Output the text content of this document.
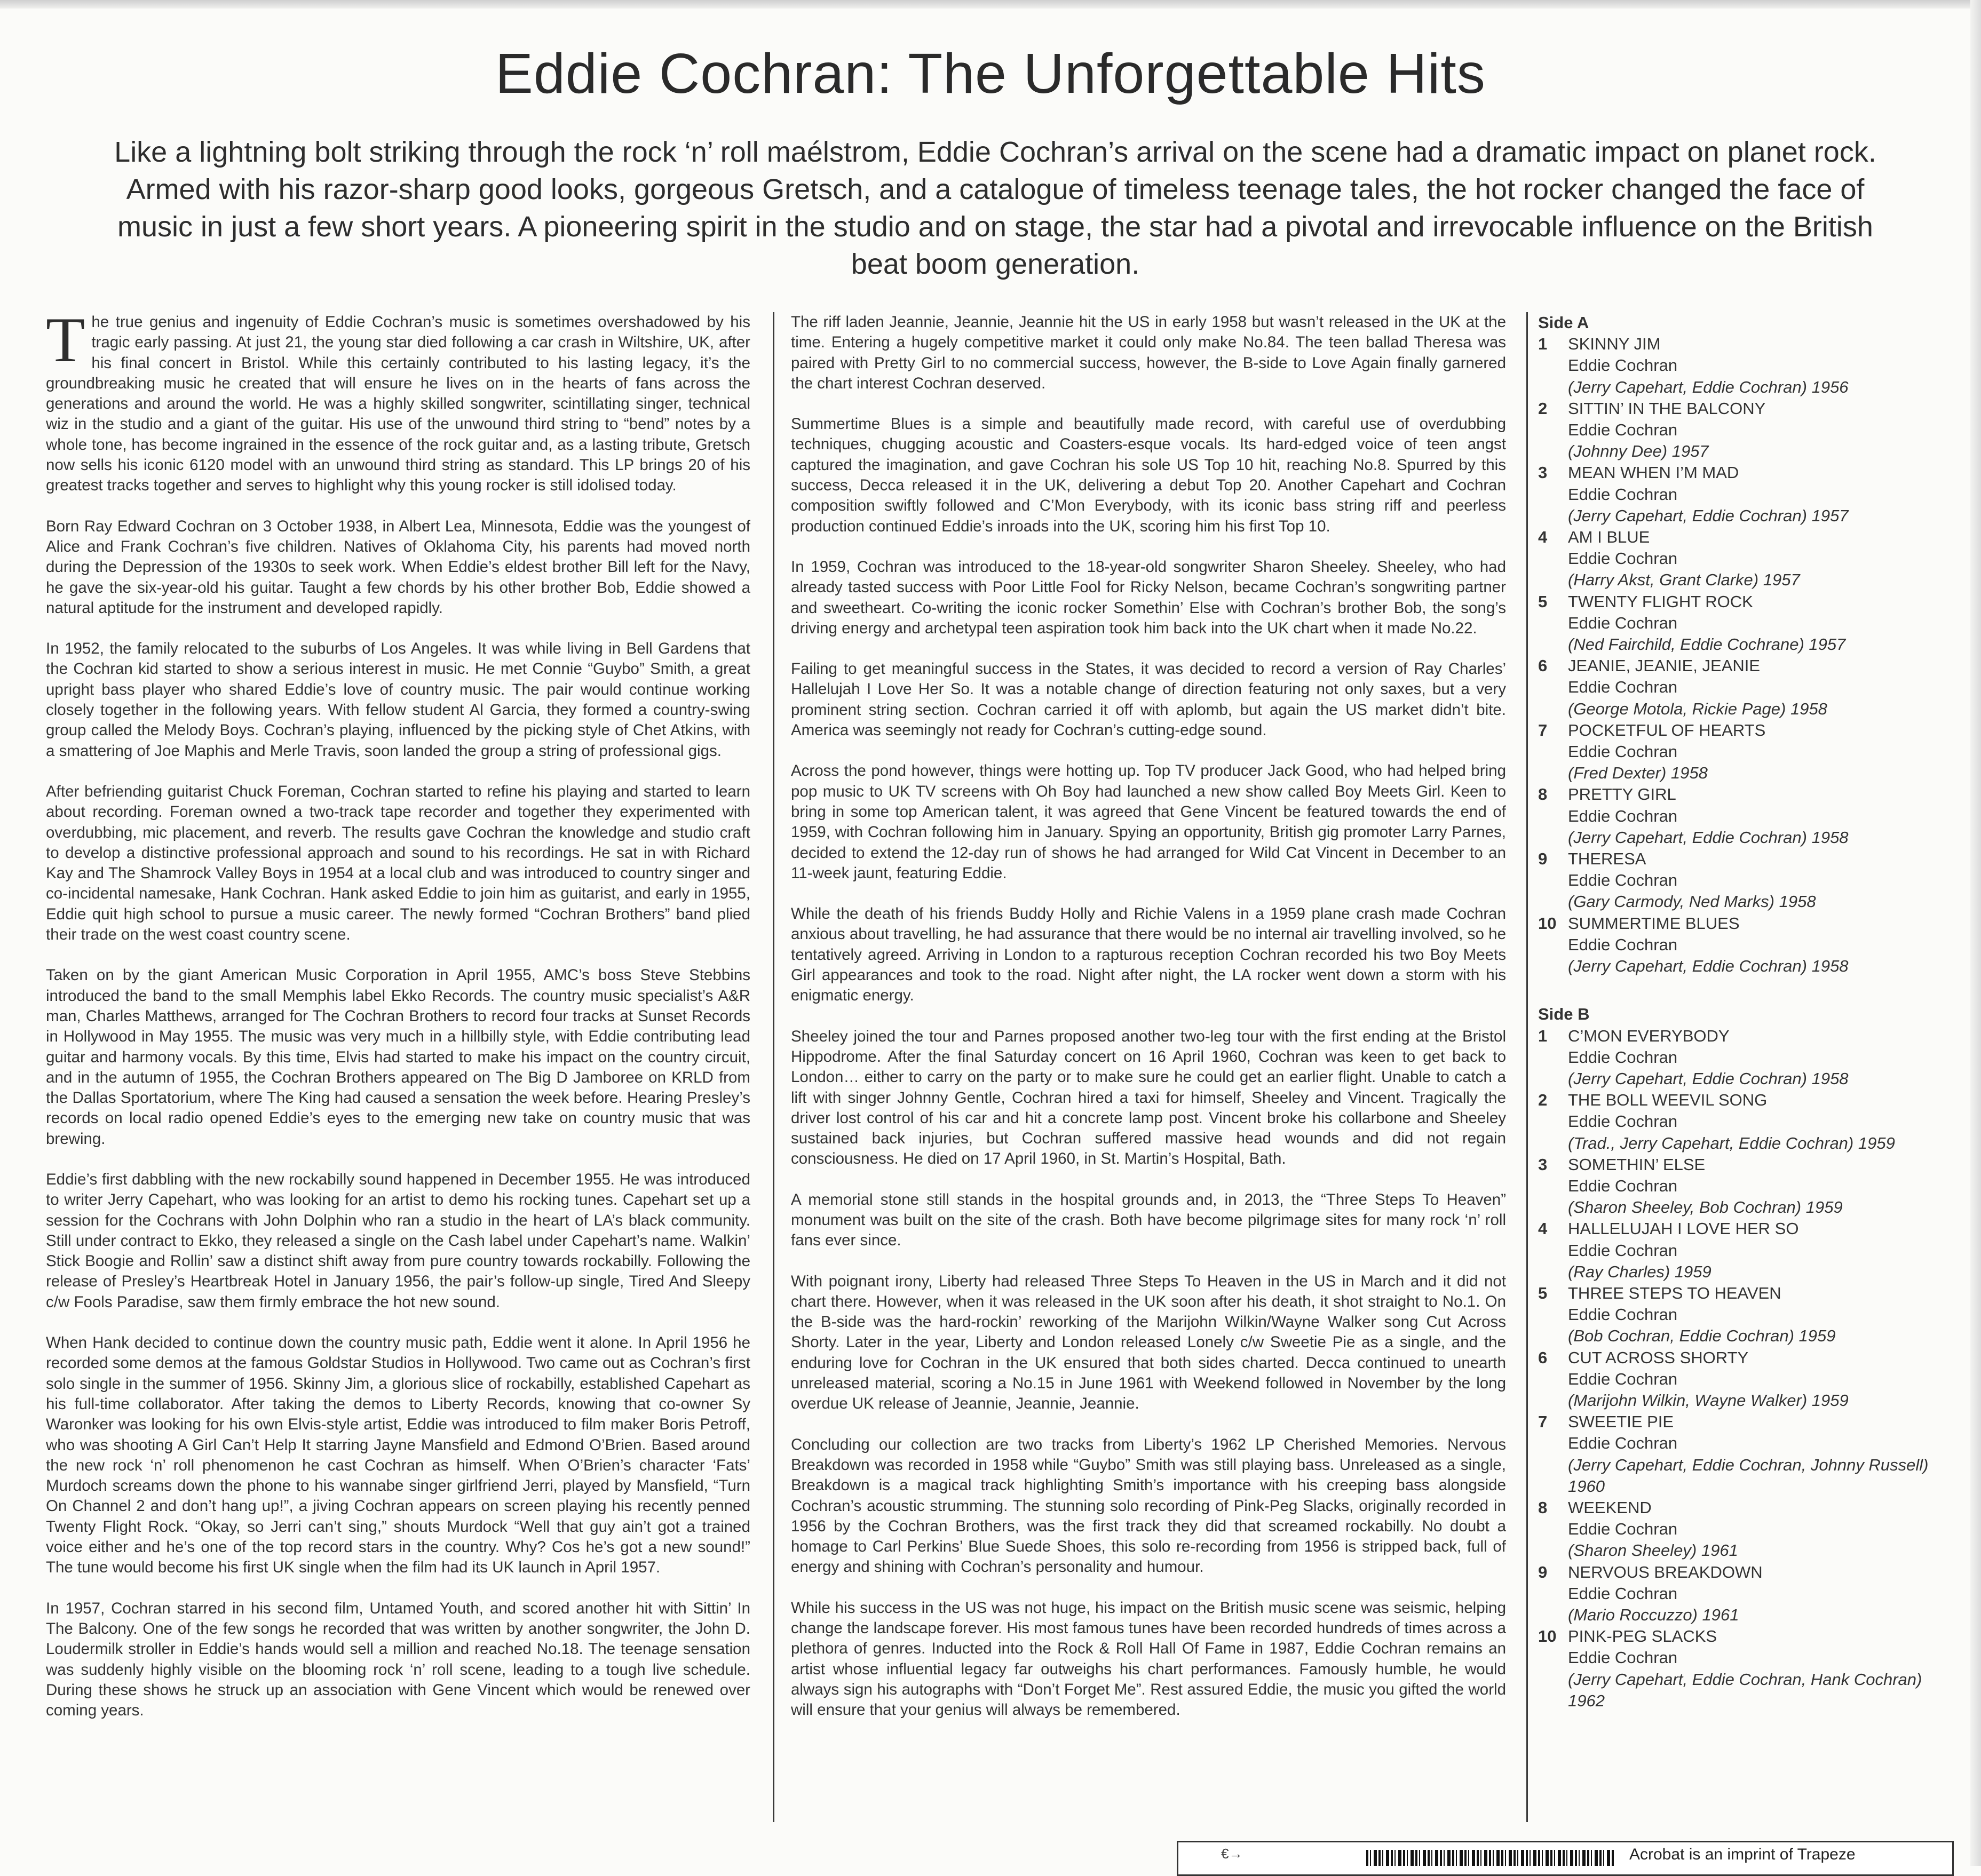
Eddie Cochran: The Unforgettable Hits

Like a lightning bolt striking through the rock ‘n’ roll maélstrom, Eddie Cochran’s arrival on the scene had a dramatic impact on planet rock. Armed with his razor-sharp good looks, gorgeous Gretsch, and a catalogue of timeless teenage tales, the hot rocker changed the face of music in just a few short years. A pioneering spirit in the studio and on stage, the star had a pivotal and irrevocable influence on the British beat boom generation.

The true genius and ingenuity of Eddie Cochran’s music is sometimes overshadowed by his tragic early passing. At just 21, the young star died following a car crash in Wiltshire, UK, after his final concert in Bristol. While this certainly contributed to his lasting legacy, it’s the groundbreaking music he created that will ensure he lives on in the hearts of fans across the generations and around the world. He was a highly skilled songwriter, scintillating singer, technical wiz in the studio and a giant of the guitar. His use of the unwound third string to “bend” notes by a whole tone, has become ingrained in the essence of the rock guitar and, as a lasting tribute, Gretsch now sells his iconic 6120 model with an unwound third string as standard. This LP brings 20 of his greatest tracks together and serves to highlight why this young rocker is still idolised today.

Born Ray Edward Cochran on 3 October 1938, in Albert Lea, Minnesota, Eddie was the youngest of Alice and Frank Cochran’s five children. Natives of Oklahoma City, his parents had moved north during the Depression of the 1930s to seek work. When Eddie’s eldest brother Bill left for the Navy, he gave the six-year-old his guitar. Taught a few chords by his other brother Bob, Eddie showed a natural aptitude for the instrument and developed rapidly.

In 1952, the family relocated to the suburbs of Los Angeles. It was while living in Bell Gardens that the Cochran kid started to show a serious interest in music. He met Connie “Guybo” Smith, a great upright bass player who shared Eddie’s love of country music. The pair would continue working closely together in the following years. With fellow student Al Garcia, they formed a country-swing group called the Melody Boys. Cochran’s playing, influenced by the picking style of Chet Atkins, with a smattering of Joe Maphis and Merle Travis, soon landed the group a string of professional gigs.

After befriending guitarist Chuck Foreman, Cochran started to refine his playing and started to learn about recording. Foreman owned a two-track tape recorder and together they experimented with overdubbing, mic placement, and reverb. The results gave Cochran the knowledge and studio craft to develop a distinctive professional approach and sound to his recordings. He sat in with Richard Kay and The Shamrock Valley Boys in 1954 at a local club and was introduced to country singer and co-incidental namesake, Hank Cochran. Hank asked Eddie to join him as guitarist, and early in 1955, Eddie quit high school to pursue a music career. The newly formed “Cochran Brothers” band plied their trade on the west coast country scene.

Taken on by the giant American Music Corporation in April 1955, AMC’s boss Steve Stebbins introduced the band to the small Memphis label Ekko Records. The country music specialist’s A&R man, Charles Matthews, arranged for The Cochran Brothers to record four tracks at Sunset Records in Hollywood in May 1955. The music was very much in a hillbilly style, with Eddie contributing lead guitar and harmony vocals. By this time, Elvis had started to make his impact on the country circuit, and in the autumn of 1955, the Cochran Brothers appeared on The Big D Jamboree on KRLD from the Dallas Sportatorium, where The King had caused a sensation the week before. Hearing Presley’s records on local radio opened Eddie’s eyes to the emerging new take on country music that was brewing.

Eddie’s first dabbling with the new rockabilly sound happened in December 1955. He was introduced to writer Jerry Capehart, who was looking for an artist to demo his rocking tunes. Capehart set up a session for the Cochrans with John Dolphin who ran a studio in the heart of LA’s black community. Still under contract to Ekko, they released a single on the Cash label under Capehart’s name. Walkin’ Stick Boogie and Rollin’ saw a distinct shift away from pure country towards rockabilly. Following the release of Presley’s Heartbreak Hotel in January 1956, the pair’s follow-up single, Tired And Sleepy c/w Fools Paradise, saw them firmly embrace the hot new sound.

When Hank decided to continue down the country music path, Eddie went it alone. In April 1956 he recorded some demos at the famous Goldstar Studios in Hollywood. Two came out as Cochran’s first solo single in the summer of 1956. Skinny Jim, a glorious slice of rockabilly, established Capehart as his full-time collaborator. After taking the demos to Liberty Records, knowing that co-owner Sy Waronker was looking for his own Elvis-style artist, Eddie was introduced to film maker Boris Petroff, who was shooting A Girl Can’t Help It starring Jayne Mansfield and Edmond O’Brien. Based around the new rock ‘n’ roll phenomenon he cast Cochran as himself. When O’Brien’s character ‘Fats’ Murdoch screams down the phone to his wannabe singer girlfriend Jerri, played by Mansfield, “Turn On Channel 2 and don’t hang up!”, a jiving Cochran appears on screen playing his recently penned Twenty Flight Rock. “Okay, so Jerri can’t sing,” shouts Murdock “Well that guy ain’t got a trained voice either and he’s one of the top record stars in the country. Why? Cos he’s got a new sound!” The tune would become his first UK single when the film had its UK launch in April 1957.

In 1957, Cochran starred in his second film, Untamed Youth, and scored another hit with Sittin’ In The Balcony. One of the few songs he recorded that was written by another songwriter, the John D. Loudermilk stroller in Eddie’s hands would sell a million and reached No.18. The teenage sensation was suddenly highly visible on the blooming rock ‘n’ roll scene, leading to a tough live schedule. During these shows he struck up an association with Gene Vincent which would be renewed over coming years.

The riff laden Jeannie, Jeannie, Jeannie hit the US in early 1958 but wasn’t released in the UK at the time. Entering a hugely competitive market it could only make No.84. The teen ballad Theresa was paired with Pretty Girl to no commercial success, however, the B-side to Love Again finally garnered the chart interest Cochran deserved.

Summertime Blues is a simple and beautifully made record, with careful use of overdubbing techniques, chugging acoustic and Coasters-esque vocals. Its hard-edged voice of teen angst captured the imagination, and gave Cochran his sole US Top 10 hit, reaching No.8. Spurred by this success, Decca released it in the UK, delivering a debut Top 20. Another Capehart and Cochran composition swiftly followed and C’Mon Everybody, with its iconic bass string riff and peerless production continued Eddie’s inroads into the UK, scoring him his first Top 10.

In 1959, Cochran was introduced to the 18-year-old songwriter Sharon Sheeley. Sheeley, who had already tasted success with Poor Little Fool for Ricky Nelson, became Cochran’s songwriting partner and sweetheart. Co-writing the iconic rocker Somethin’ Else with Cochran’s brother Bob, the song’s driving energy and archetypal teen aspiration took him back into the UK chart when it made No.22.

Failing to get meaningful success in the States, it was decided to record a version of Ray Charles’ Hallelujah I Love Her So. It was a notable change of direction featuring not only saxes, but a very prominent string section. Cochran carried it off with aplomb, but again the US market didn’t bite. America was seemingly not ready for Cochran’s cutting-edge sound.

Across the pond however, things were hotting up. Top TV producer Jack Good, who had helped bring pop music to UK TV screens with Oh Boy had launched a new show called Boy Meets Girl. Keen to bring in some top American talent, it was agreed that Gene Vincent be featured towards the end of 1959, with Cochran following him in January. Spying an opportunity, British gig promoter Larry Parnes, decided to extend the 12-day run of shows he had arranged for Wild Cat Vincent in December to an 11-week jaunt, featuring Eddie.

While the death of his friends Buddy Holly and Richie Valens in a 1959 plane crash made Cochran anxious about travelling, he had assurance that there would be no internal air travelling involved, so he tentatively agreed. Arriving in London to a rapturous reception Cochran recorded his two Boy Meets Girl appearances and took to the road. Night after night, the LA rocker went down a storm with his enigmatic energy.

Sheeley joined the tour and Parnes proposed another two-leg tour with the first ending at the Bristol Hippodrome. After the final Saturday concert on 16 April 1960, Cochran was keen to get back to London… either to carry on the party or to make sure he could get an earlier flight. Unable to catch a lift with singer Johnny Gentle, Cochran hired a taxi for himself, Sheeley and Vincent. Tragically the driver lost control of his car and hit a concrete lamp post. Vincent broke his collarbone and Sheeley sustained back injuries, but Cochran suffered massive head wounds and did not regain consciousness. He died on 17 April 1960, in St. Martin’s Hospital, Bath.

A memorial stone still stands in the hospital grounds and, in 2013, the “Three Steps To Heaven” monument was built on the site of the crash. Both have become pilgrimage sites for many rock ‘n’ roll fans ever since.

With poignant irony, Liberty had released Three Steps To Heaven in the US in March and it did not chart there. However, when it was released in the UK soon after his death, it shot straight to No.1. On the B-side was the hard-rockin’ reworking of the Marijohn Wilkin/Wayne Walker song Cut Across Shorty. Later in the year, Liberty and London released Lonely c/w Sweetie Pie as a single, and the enduring love for Cochran in the UK ensured that both sides charted. Decca continued to unearth unreleased material, scoring a No.15 in June 1961 with Weekend followed in November by the long overdue UK release of Jeannie, Jeannie, Jeannie.

Concluding our collection are two tracks from Liberty’s 1962 LP Cherished Memories. Nervous Breakdown was recorded in 1958 while “Guybo” Smith was still playing bass. Unreleased as a single, Breakdown is a magical track highlighting Smith’s importance with his creeping bass alongside Cochran’s acoustic strumming. The stunning solo recording of Pink-Peg Slacks, originally recorded in 1956 by the Cochran Brothers, was the first track they did that screamed rockabilly. No doubt a homage to Carl Perkins’ Blue Suede Shoes, this solo re-recording from 1956 is stripped back, full of energy and shining with Cochran’s personality and humour.

While his success in the US was not huge, his impact on the British music scene was seismic, helping change the landscape forever. His most famous tunes have been recorded hundreds of times across a plethora of genres. Inducted into the Rock & Roll Hall Of Fame in 1987, Eddie Cochran remains an artist whose influential legacy far outweighs his chart performances. Famously humble, he would always sign his autographs with “Don’t Forget Me”. Rest assured Eddie, the music you gifted the world will ensure that your genius will always be remembered.

Side A

1	SKINNY JIM
Eddie Cochran
(Jerry Capehart, Eddie Cochran) 1956
2	SITTIN’ IN THE BALCONY
Eddie Cochran
(Johnny Dee) 1957
3	MEAN WHEN I’M MAD
Eddie Cochran
(Jerry Capehart, Eddie Cochran) 1957
4	AM I BLUE
Eddie Cochran
(Harry Akst, Grant Clarke) 1957
5	TWENTY FLIGHT ROCK
Eddie Cochran
(Ned Fairchild, Eddie Cochrane) 1957
6	JEANIE, JEANIE, JEANIE
Eddie Cochran
(George Motola, Rickie Page) 1958
7	POCKETFUL OF HEARTS
Eddie Cochran
(Fred Dexter) 1958
8	PRETTY GIRL
Eddie Cochran
(Jerry Capehart, Eddie Cochran) 1958
9	THERESA
Eddie Cochran
(Gary Carmody, Ned Marks) 1958
10 SUMMERTIME BLUES
Eddie Cochran
(Jerry Capehart, Eddie Cochran) 1958

Side B

1	C’MON EVERYBODY
Eddie Cochran
(Jerry Capehart, Eddie Cochran) 1958
2	THE BOLL WEEVIL SONG
Eddie Cochran
(Trad., Jerry Capehart, Eddie Cochran) 1959
3	SOMETHIN’ ELSE
Eddie Cochran
(Sharon Sheeley, Bob Cochran) 1959
4	HALLELUJAH I LOVE HER SO
Eddie Cochran
(Ray Charles) 1959
5	THREE STEPS TO HEAVEN
Eddie Cochran
(Bob Cochran, Eddie Cochran) 1959
6	CUT ACROSS SHORTY
Eddie Cochran
(Marijohn Wilkin, Wayne Walker) 1959
7	SWEETIE PIE
Eddie Cochran
(Jerry Capehart, Eddie Cochran, Johnny Russell) 1960
8	WEEKEND
Eddie Cochran
(Sharon Sheeley) 1961
9	NERVOUS BREAKDOWN
Eddie Cochran
(Mario Roccuzzo) 1961
10 PINK-PEG SLACKS
Eddie Cochran
(Jerry Capehart, Eddie Cochran, Hank Cochran) 1962
€→	Acrobat is an imprint of Trapeze
